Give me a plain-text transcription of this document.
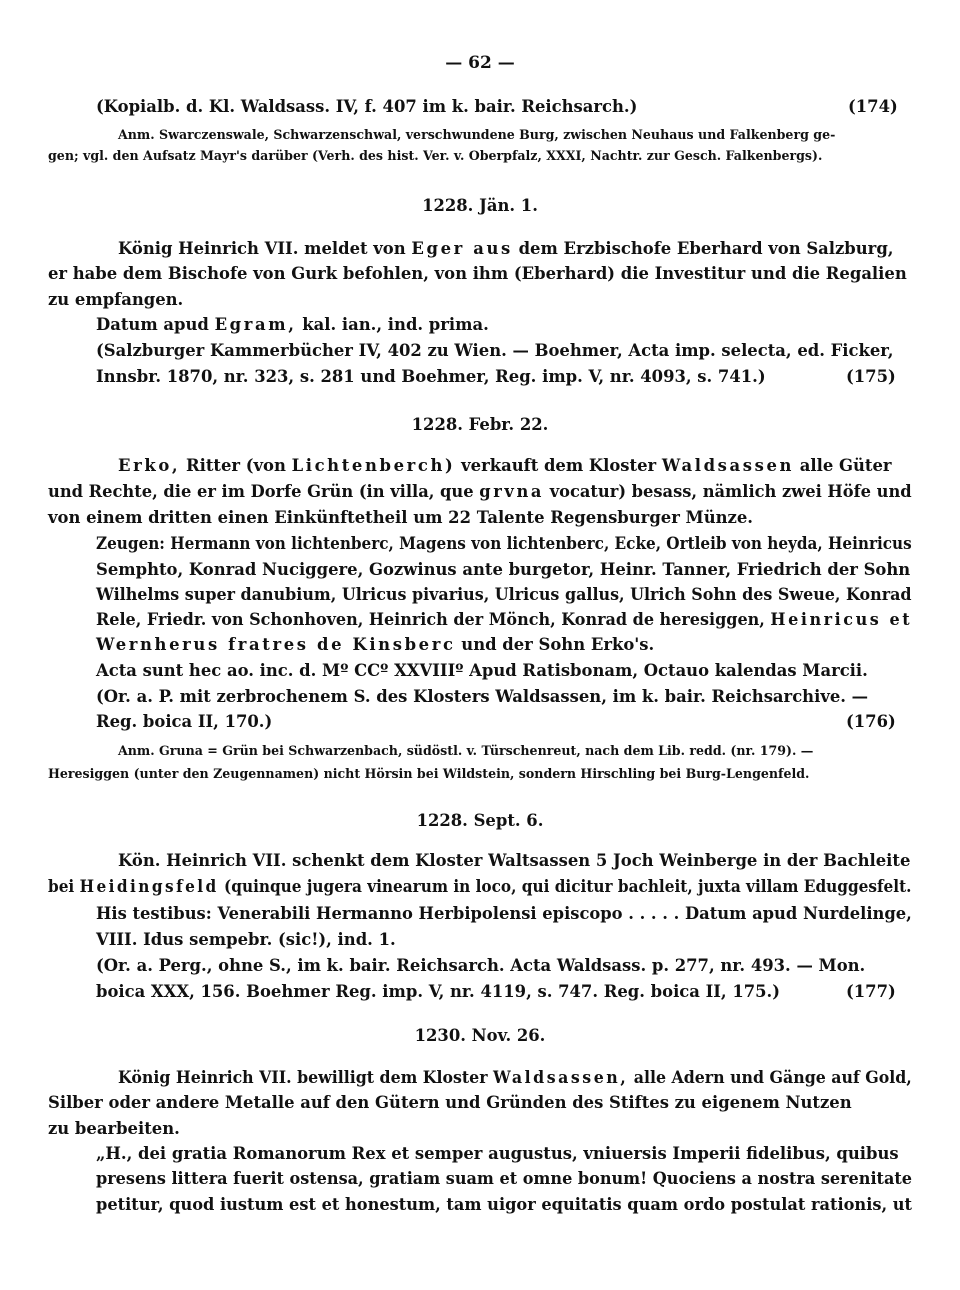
— 62 —
(Kopialb. d. Kl. Waldsass. IV, f. 407 im k. bair. Reichsarch.)	(174)
Anm. Swarczenswale, Schwarzenschwal, verschwundene Burg, zwischen Neuhaus und Falkenberg ge-
gen; vgl. den Aufsatz Mayr's darüber (Verh. des hist. Ver. v. Oberpfalz, XXXI, Nachtr. zur Gesch. Falkenbergs).
1228. Jän. 1.
König Heinrich VII. meldet von Eger aus dem Erzbischofe Eberhard von Salzburg,
er habe dem Bischofe von Gurk befohlen, von ihm (Eberhard) die Investitur und die Regalien
zu empfangen.
Datum apud Egram, kal. ian., ind. prima.
(Salzburger Kammerbücher IV, 402 zu Wien. — Boehmer, Acta imp. selecta, ed. Ficker,
Innsbr. 1870, nr. 323, s. 281 und Boehmer, Reg. imp. V, nr. 4093, s. 741.)	(175)
1228. Febr. 22.
Erko, Ritter (von Lichtenberch) verkauft dem Kloster Waldsassen alle Güter
und Rechte, die er im Dorfe Grün (in villa, que grvna vocatur) besass, nämlich zwei Höfe und
von einem dritten einen Einkünftetheil um 22 Talente Regensburger Münze.
Zeugen: Hermann von lichtenberc, Magens von lichtenberc, Ecke, Ortleib von heyda, Heinricus
Semphto, Konrad Nuciggere, Gozwinus ante burgetor, Heinr. Tanner, Friedrich der Sohn
Wilhelms super danubium, Ulricus pivarius, Ulricus gallus, Ulrich Sohn des Sweue, Konrad
Rele, Friedr. von Schonhoven, Heinrich der Mönch, Konrad de heresiggen, Heinricus et
Wernherus fratres de Kinsberc und der Sohn Erko's.
Acta sunt hec ao. inc. d. Mº CCº XXVIIIº Apud Ratisbonam, Octauo kalendas Marcii.
(Or. a. P. mit zerbrochenem S. des Klosters Waldsassen, im k. bair. Reichsarchive. —
Reg. boica II, 170.)	(176)
Anm. Gruna = Grün bei Schwarzenbach, südöstl. v. Türschenreut, nach dem Lib. redd. (nr. 179). —
Heresiggen (unter den Zeugennamen) nicht Hörsin bei Wildstein, sondern Hirschling bei Burg-Lengenfeld.
1228. Sept. 6.
Kön. Heinrich VII. schenkt dem Kloster Waltsassen 5 Joch Weinberge in der Bachleite
bei Heidingsfeld (quinque jugera vinearum in loco, qui dicitur bachleit, juxta villam Eduggesfelt.
His testibus: Venerabili Hermanno Herbipolensi episcopo . . . . . Datum apud Nurdelinge,
VIII. Idus sempebr. (sic!), ind. 1.
(Or. a. Perg., ohne S., im k. bair. Reichsarch. Acta Waldsass. p. 277, nr. 493. — Mon.
boica XXX, 156. Boehmer Reg. imp. V, nr. 4119, s. 747. Reg. boica II, 175.)	(177)
1230. Nov. 26.
König Heinrich VII. bewilligt dem Kloster Waldsassen, alle Adern und Gänge auf Gold,
Silber oder andere Metalle auf den Gütern und Gründen des Stiftes zu eigenem Nutzen
zu bearbeiten.
„H., dei gratia Romanorum Rex et semper augustus, vniuersis Imperii fidelibus, quibus
presens littera fuerit ostensa, gratiam suam et omne bonum! Quociens a nostra serenitate
petitur, quod iustum est et honestum, tam uigor equitatis quam ordo postulat rationis, ut
